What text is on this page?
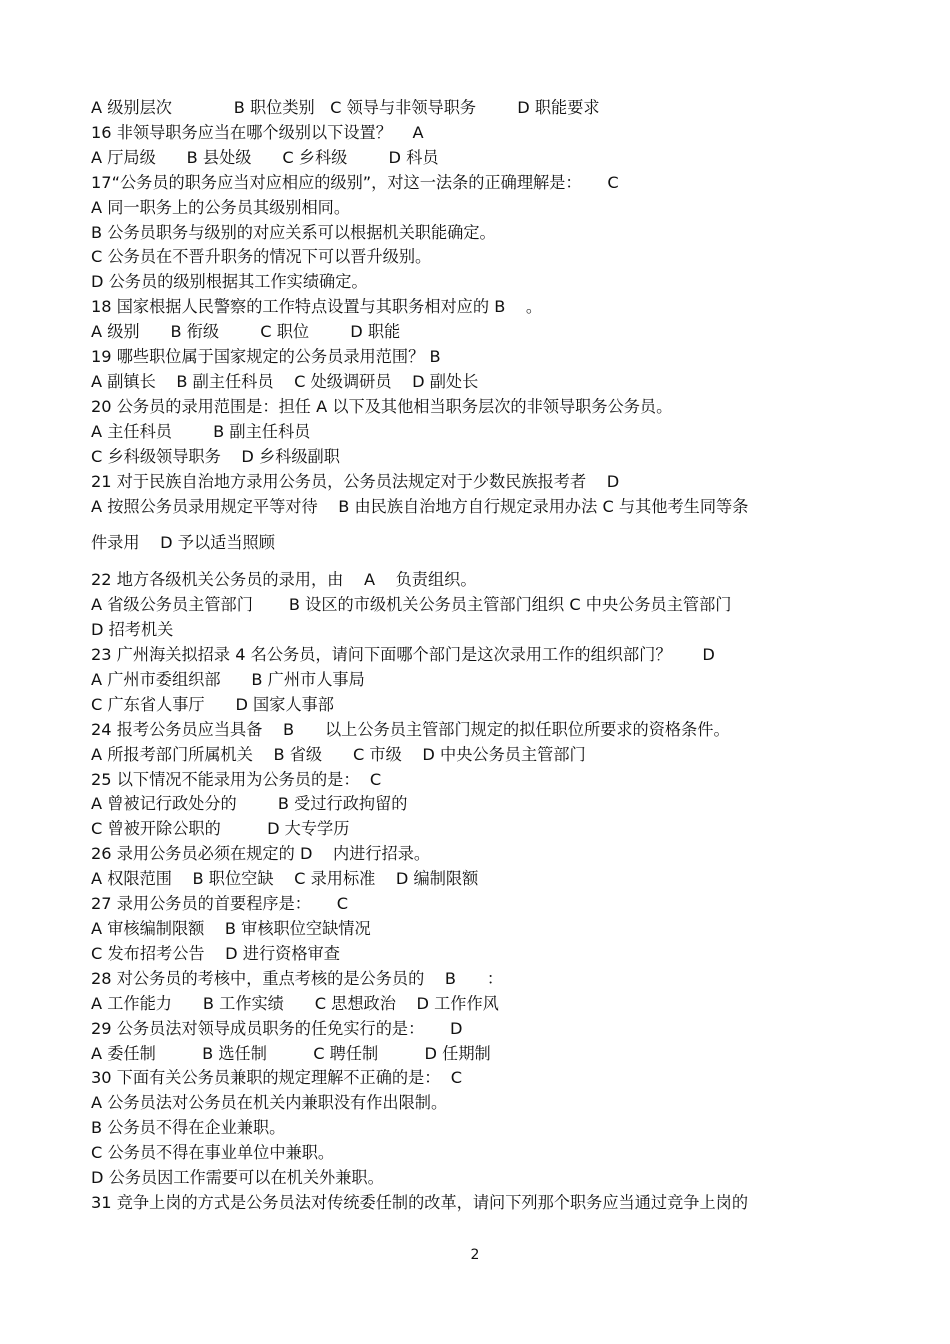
A 级别层次            B 职位类别   C 领导与非领导职务        D 职能要求
16 非领导职务应当在哪个级别以下设置？    A
A 厅局级      B 县处级      C 乡科级        D 科员
17“公务员的职务应当对应相应的级别”，对这一法条的正确理解是：     C
A 同一职务上的公务员其级别相同。
B 公务员职务与级别的对应关系可以根据机关职能确定。
C 公务员在不晋升职务的情况下可以晋升级别。
D 公务员的级别根据其工作实绩确定。
18 国家根据人民警察的工作特点设置与其职务相对应的 B    。
A 级别      B 衔级        C 职位        D 职能
19 哪些职位属于国家规定的公务员录用范围？ B
A 副镇长    B 副主任科员    C 处级调研员    D 副处长
20 公务员的录用范围是：担任 A 以下及其他相当职务层次的非领导职务公务员。
A 主任科员        B 副主任科员
C 乡科级领导职务    D 乡科级副职
21 对于民族自治地方录用公务员，公务员法规定对于少数民族报考者    D
A 按照公务员录用规定平等对待    B 由民族自治地方自行规定录用办法 C 与其他考生同等条
件录用    D 予以适当照顾
22 地方各级机关公务员的录用，由    A    负责组织。
A 省级公务员主管部门       B 设区的市级机关公务员主管部门组织 C 中央公务员主管部门
D 招考机关
23 广州海关拟招录 4 名公务员，请问下面哪个部门是这次录用工作的组织部门？      D
A 广州市委组织部      B 广州市人事局
C 广东省人事厅      D 国家人事部
24 报考公务员应当具备    B      以上公务员主管部门规定的拟任职位所要求的资格条件。
A 所报考部门所属机关    B 省级      C 市级    D 中央公务员主管部门
25 以下情况不能录用为公务员的是：  C
A 曾被记行政处分的        B 受过行政拘留的
C 曾被开除公职的         D 大专学历
26 录用公务员必须在规定的 D    内进行招录。
A 权限范围    B 职位空缺    C 录用标准    D 编制限额
27 录用公务员的首要程序是：     C
A 审核编制限额    B 审核职位空缺情况
C 发布招考公告    D 进行资格审查
28 对公务员的考核中，重点考核的是公务员的    B      ：
A 工作能力      B 工作实绩      C 思想政治    D 工作作风
29 公务员法对领导成员职务的任免实行的是：     D
A 委任制         B 选任制         C 聘任制         D 任期制
30 下面有关公务员兼职的规定理解不正确的是：  C
A 公务员法对公务员在机关内兼职没有作出限制。
B 公务员不得在企业兼职。
C 公务员不得在事业单位中兼职。
D 公务员因工作需要可以在机关外兼职。
31 竞争上岗的方式是公务员法对传统委任制的改革，请问下列那个职务应当通过竞争上岗的
2
